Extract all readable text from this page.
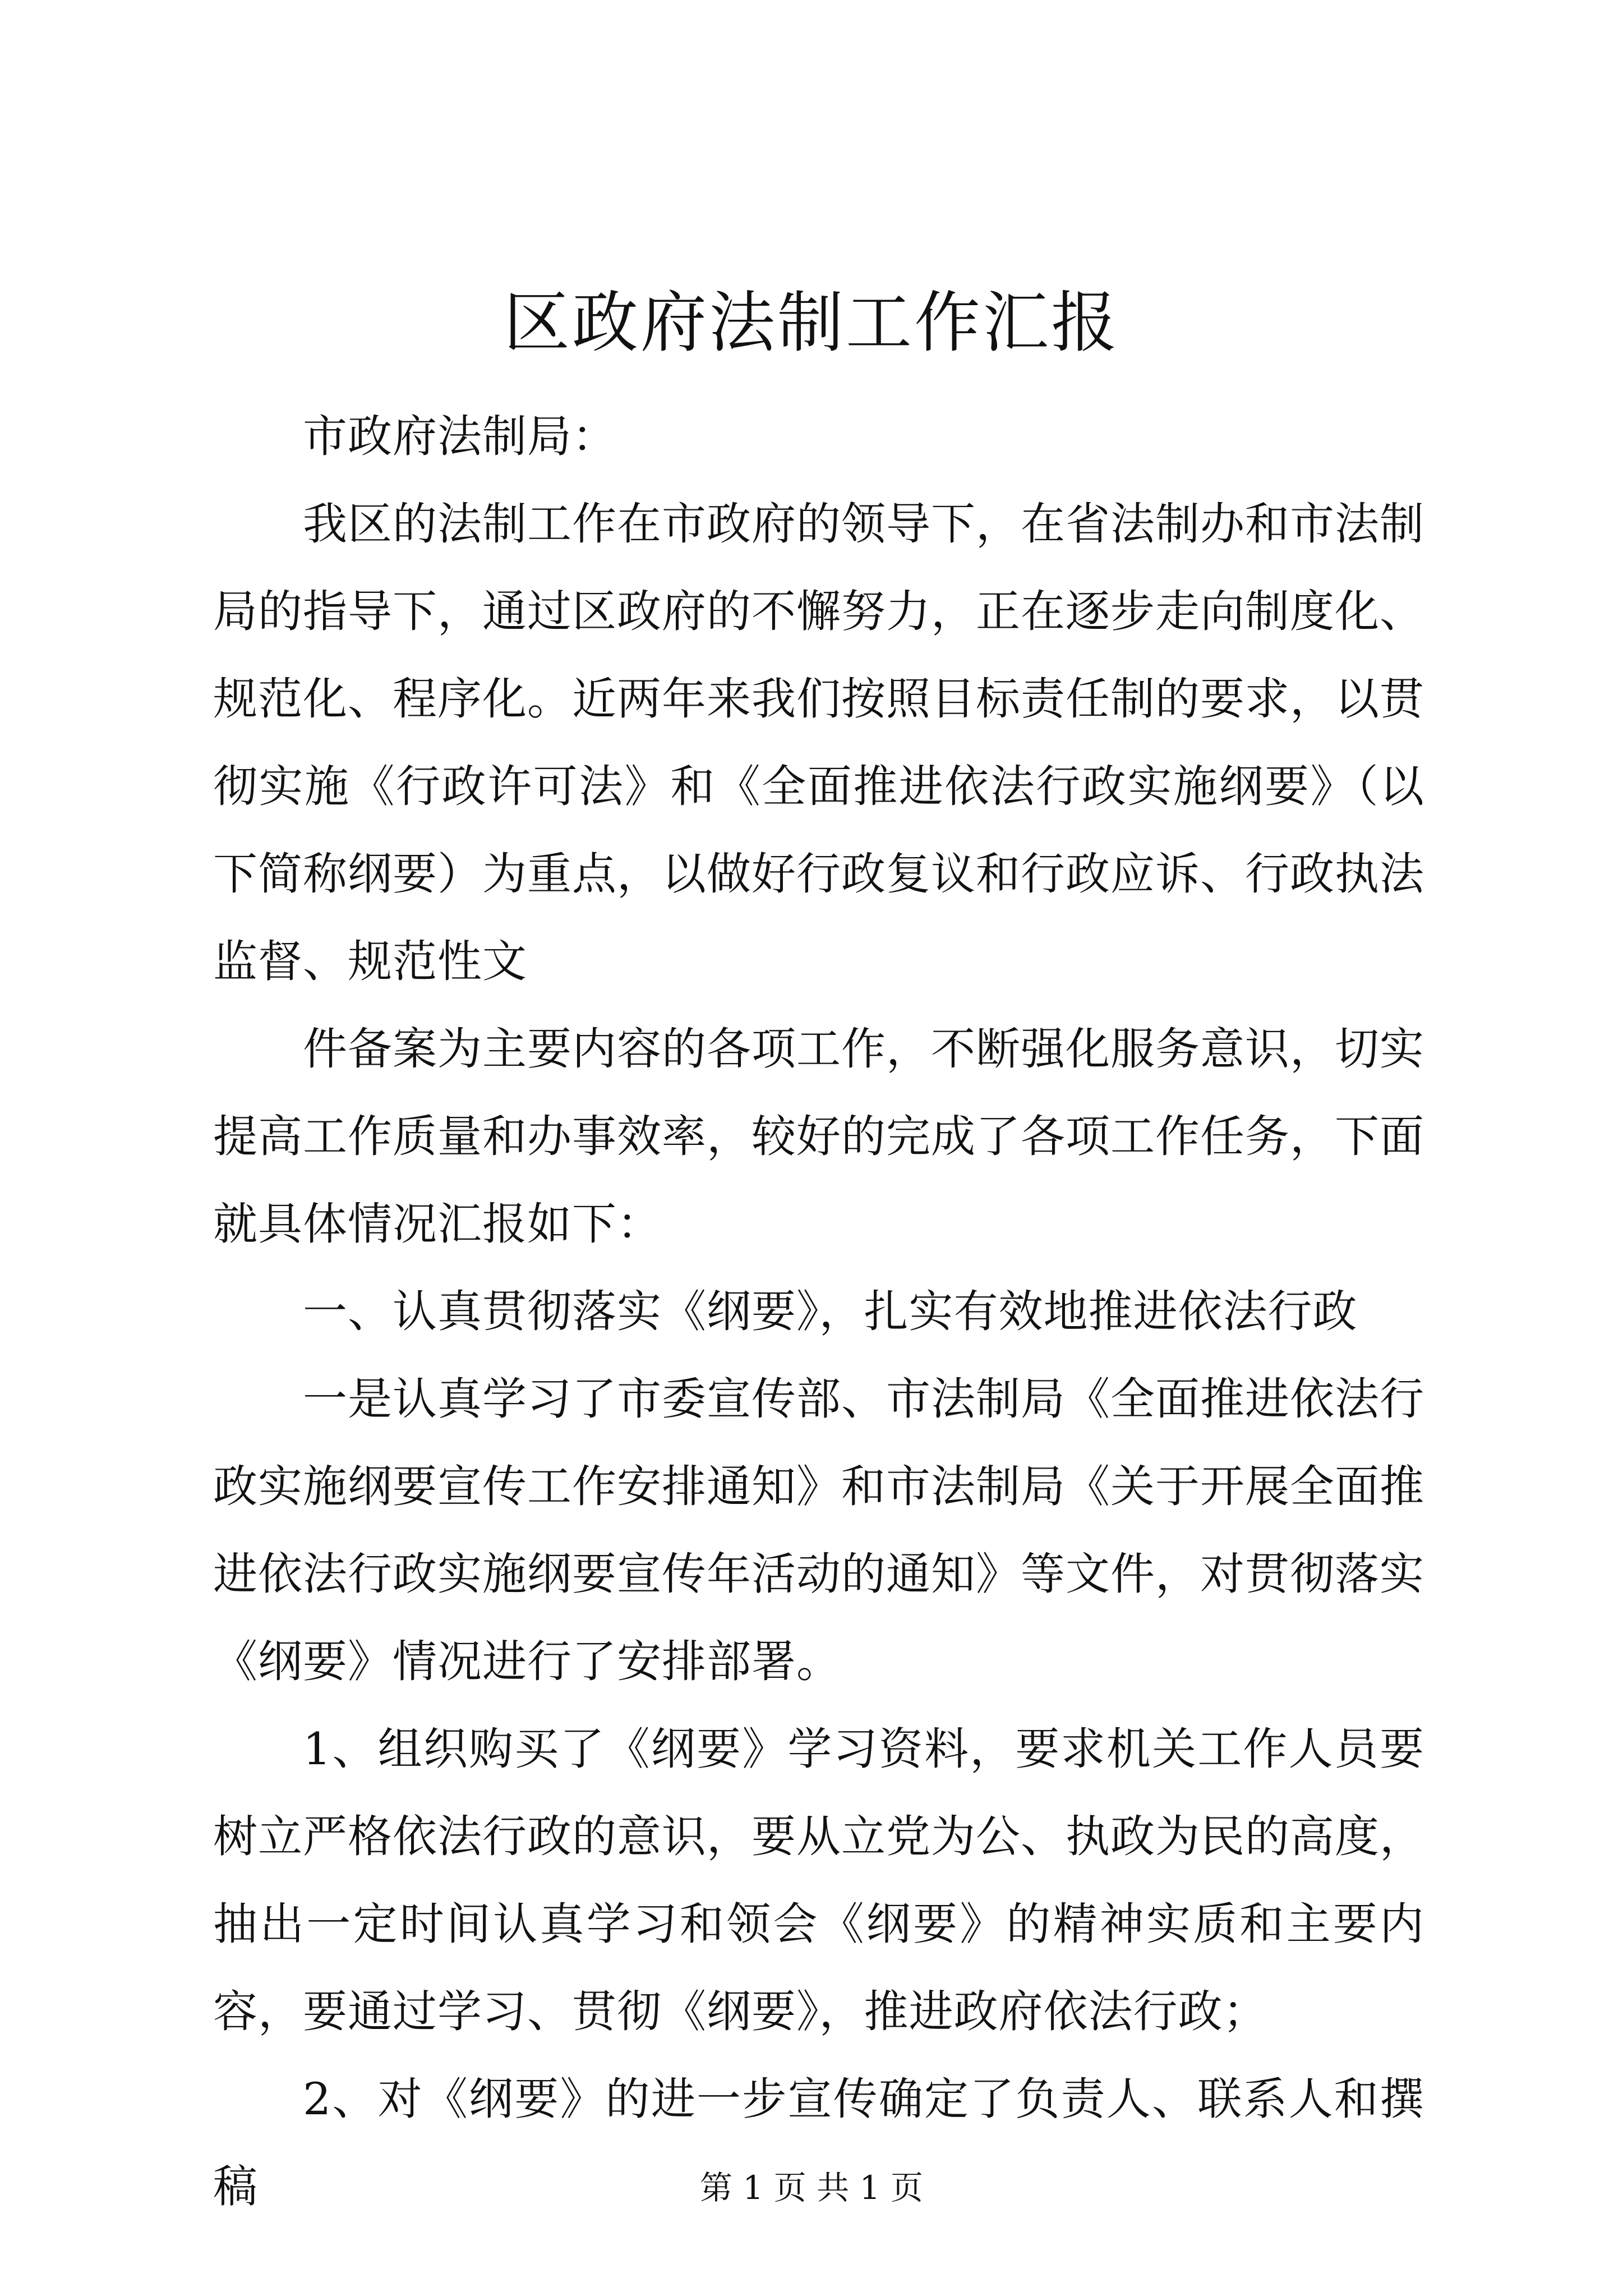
区政府法制工作汇报

市政府法制局：

我区的法制工作在市政府的领导下，在省法制办和市法制局的指导下，通过区政府的不懈努力，正在逐步走向制度化、规范化、程序化。近两年来我们按照目标责任制的要求，以贯彻实施《行政许可法》和《全面推进依法行政实施纲要》（以下简称纲要）为重点，以做好行政复议和行政应诉、行政执法监督、规范性文

件备案为主要内容的各项工作，不断强化服务意识，切实提高工作质量和办事效率，较好的完成了各项工作任务，下面就具体情况汇报如下：

一、认真贯彻落实《纲要》，扎实有效地推进依法行政

一是认真学习了市委宣传部、市法制局《全面推进依法行政实施纲要宣传工作安排通知》和市法制局《关于开展全面推进依法行政实施纲要宣传年活动的通知》等文件，对贯彻落实《纲要》情况进行了安排部署。

1、组织购买了《纲要》学习资料，要求机关工作人员要树立严格依法行政的意识，要从立党为公、执政为民的高度，抽出一定时间认真学习和领会《纲要》的精神实质和主要内容，要通过学习、贯彻《纲要》，推进政府依法行政；

2、对《纲要》的进一步宣传确定了负责人、联系人和撰稿	第 1 页 共 1 页
